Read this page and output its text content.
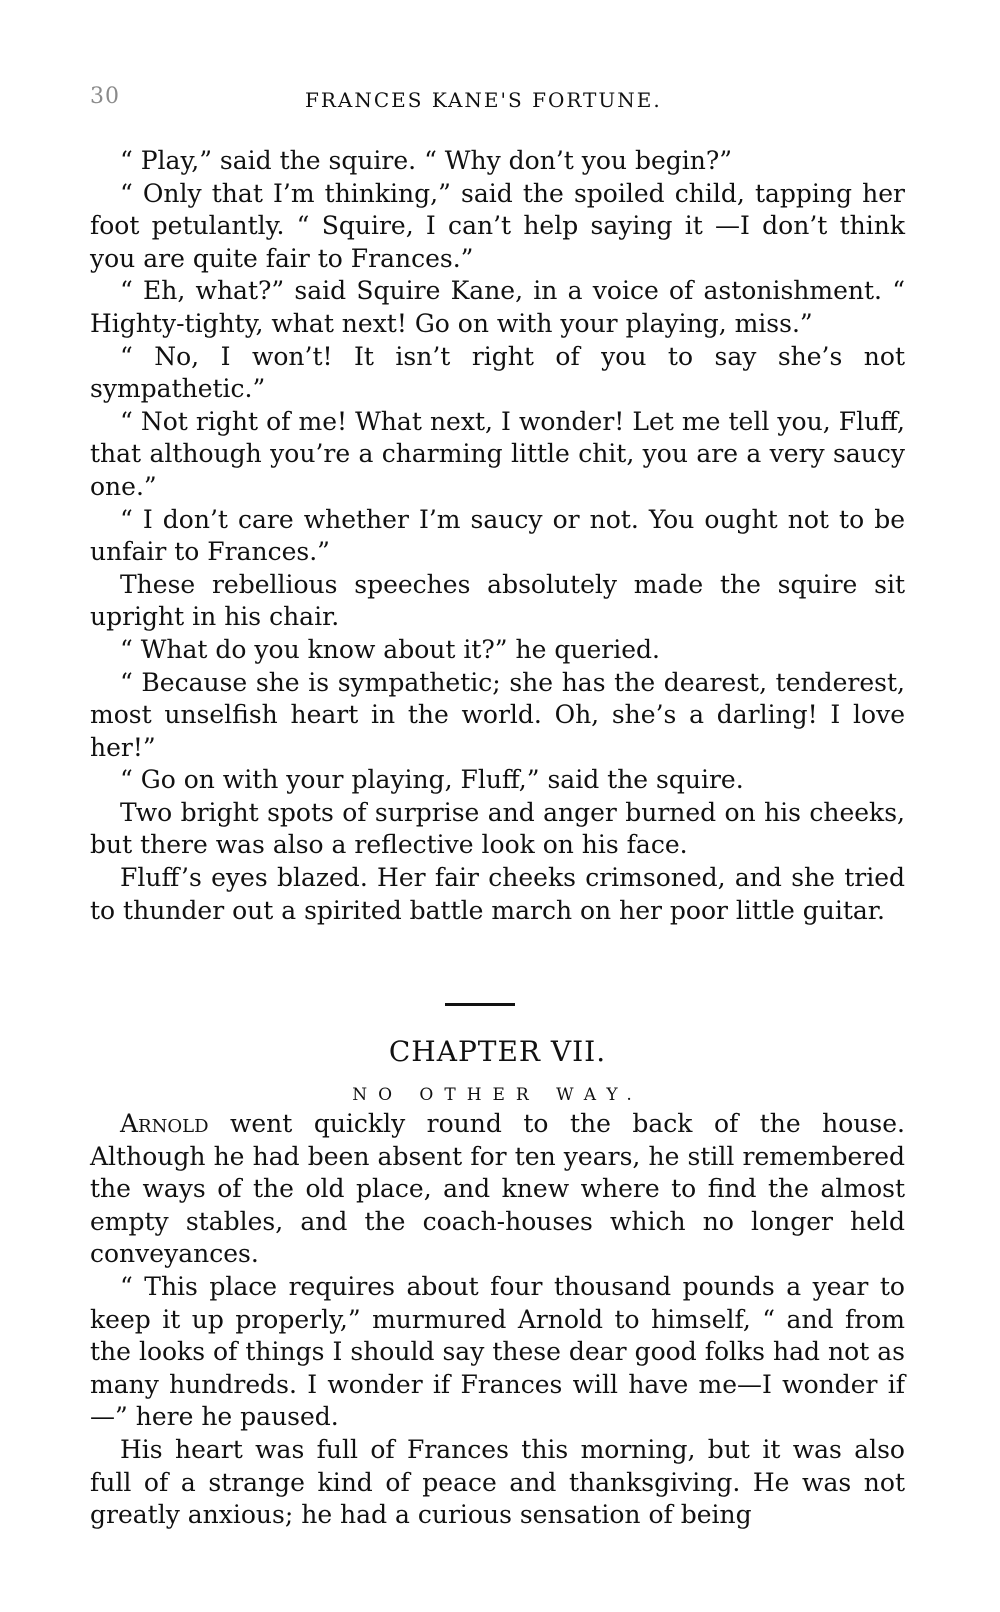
30	FRANCES KANE'S FORTUNE.

“ Play,” said the squire. “ Why don’t you begin?”

“ Only that I’m thinking,” said the spoiled child, tapping her foot petulantly. “ Squire, I can’t help saying it —I don’t think you are quite fair to Frances.”

“ Eh, what?” said Squire Kane, in a voice of astonishment. “ Highty-tighty, what next! Go on with your playing, miss.”

“ No, I won’t! It isn’t right of you to say she’s not sympathetic.”

“ Not right of me! What next, I wonder! Let me tell you, Fluff, that although you’re a charming little chit, you are a very saucy one.”

“ I don’t care whether I’m saucy or not. You ought not to be unfair to Frances.”

These rebellious speeches absolutely made the squire sit upright in his chair.

“ What do you know about it?” he queried.

“ Because she is sympathetic; she has the dearest, tenderest, most unselfish heart in the world. Oh, she’s a darling! I love her!”

“ Go on with your playing, Fluff,” said the squire.

Two bright spots of surprise and anger burned on his cheeks, but there was also a reflective look on his face.

Fluff’s eyes blazed. Her fair cheeks crimsoned, and she tried to thunder out a spirited battle march on her poor little guitar.

CHAPTER VII.
NO OTHER WAY.

Arnold went quickly round to the back of the house. Although he had been absent for ten years, he still remembered the ways of the old place, and knew where to find the almost empty stables, and the coach-houses which no longer held conveyances.

“ This place requires about four thousand pounds a year to keep it up properly,” murmured Arnold to himself, “ and from the looks of things I should say these dear good folks had not as many hundreds. I wonder if Frances will have me—I wonder if—” here he paused.

His heart was full of Frances this morning, but it was also full of a strange kind of peace and thanksgiving. He was not greatly anxious; he had a curious sensation of being
